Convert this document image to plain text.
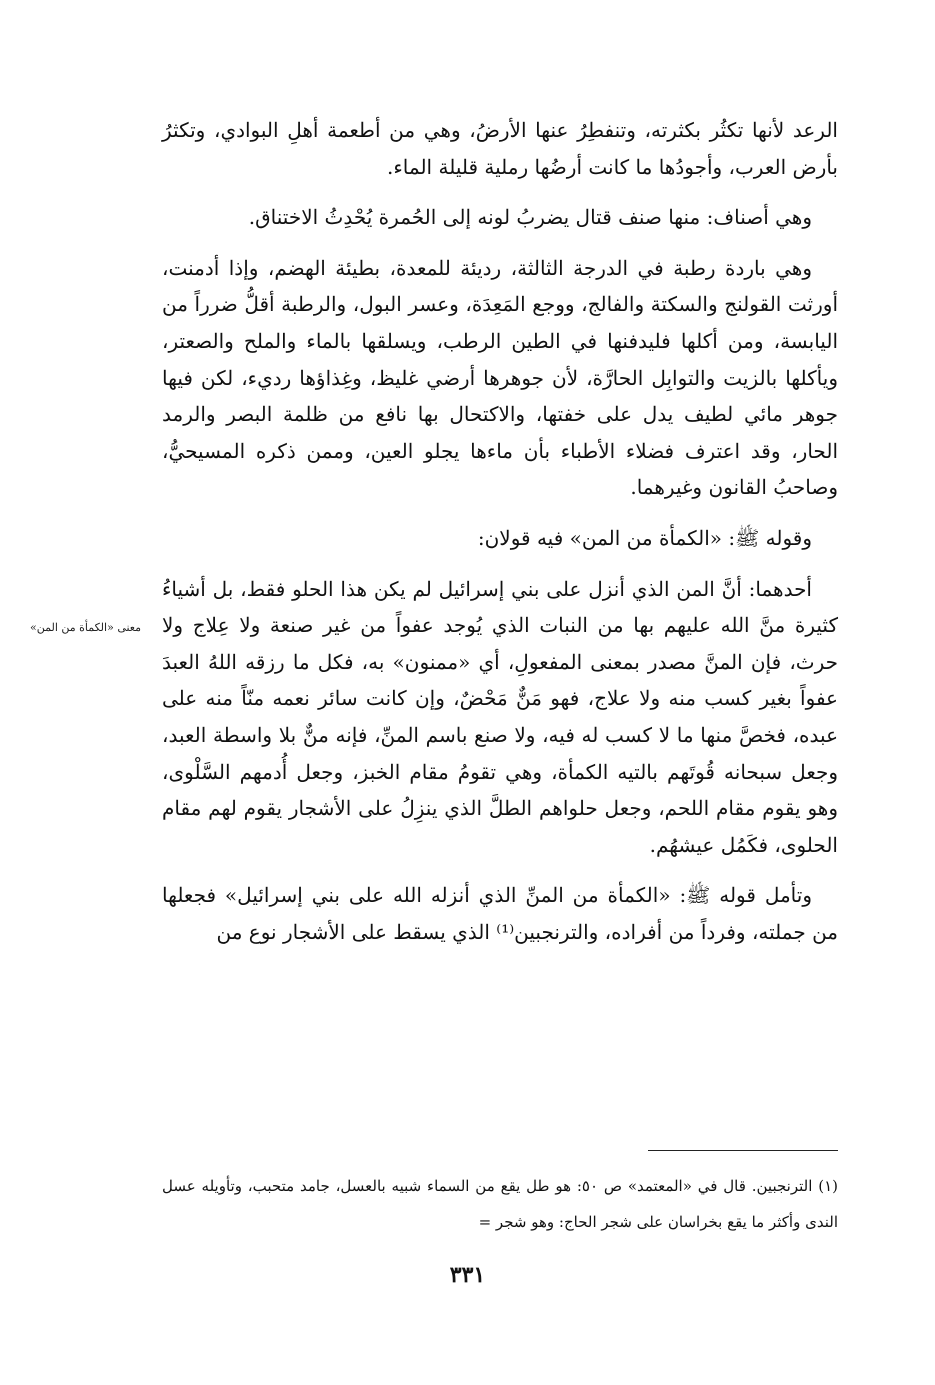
معنى «الكمأة من المن»

الرعد لأنها تكثُر بكثرته، وتنفطِرُ عنها الأرضُ، وهي من أطعمة أهلِ البوادي، وتكثرُ بأرض العرب، وأجودُها ما كانت أرضُها رملية قليلة الماء.

وهي أصناف: منها صنف قتال يضربُ لونه إلى الحُمرة يُحْدِثُ الاختناق.

وهي باردة رطبة في الدرجة الثالثة، رديئة للمعدة، بطيئة الهضم، وإذا أدمنت، أورثت القولنج والسكتة والفالج، ووجع المَعِدَة، وعسر البول، والرطبة أقلُّ ضرراً من اليابسة، ومن أكلها فليدفنها في الطين الرطب، ويسلقها بالماء والملح والصعتر، ويأكلها بالزيت والتوابِل الحارَّة، لأن جوهرها أرضي غليظ، وغِذاؤها رديء، لكن فيها جوهر مائي لطيف يدل على خفتها، والاكتحال بها نافع من ظلمة البصر والرمد الحار، وقد اعترف فضلاء الأطباء بأن ماءها يجلو العين، وممن ذكره المسيحيُّ، وصاحبُ القانون وغيرهما.

وقوله ﷺ: «الكمأة من المن» فيه قولان:

أحدهما: أنَّ المن الذي أنزل على بني إسرائيل لم يكن هذا الحلو فقط، بل أشياءُ كثيرة منَّ الله عليهم بها من النبات الذي يُوجد عفواً من غير صنعة ولا عِلاج ولا حرث، فإن المنَّ مصدر بمعنى المفعولِ، أي «ممنون» به، فكل ما رزقه اللهُ العبدَ عفواً بغير كسب منه ولا علاج، فهو مَنٌّ مَحْضٌ، وإن كانت سائر نعمه منّاً منه على عبده، فخصَّ منها ما لا كسب له فيه، ولا صنع باسم المنِّ، فإنه منٌّ بلا واسطة العبد، وجعل سبحانه قُوتَهم بالتيه الكمأة، وهي تقومُ مقام الخبز، وجعل أُدمهم السَّلْوى، وهو يقوم مقام اللحم، وجعل حلواهم الطلَّ الذي ينزِلُ على الأشجار يقوم لهم مقام الحلوى، فكَمُل عيشهُم.

وتأمل قوله ﷺ: «الكمأة من المنِّ الذي أنزله الله على بني إسرائيل» فجعلها من جملته، وفرداً من أفراده، والترنجبين⁽¹⁾ الذي يسقط على الأشجار نوع من

(١) الترنجبين. قال في «المعتمد» ص ٥٠: هو طل يقع من السماء شبيه بالعسل، جامد متحبب، وتأويله عسل الندى وأكثر ما يقع بخراسان على شجر الحاج: وهو شجر =

٣٣١
